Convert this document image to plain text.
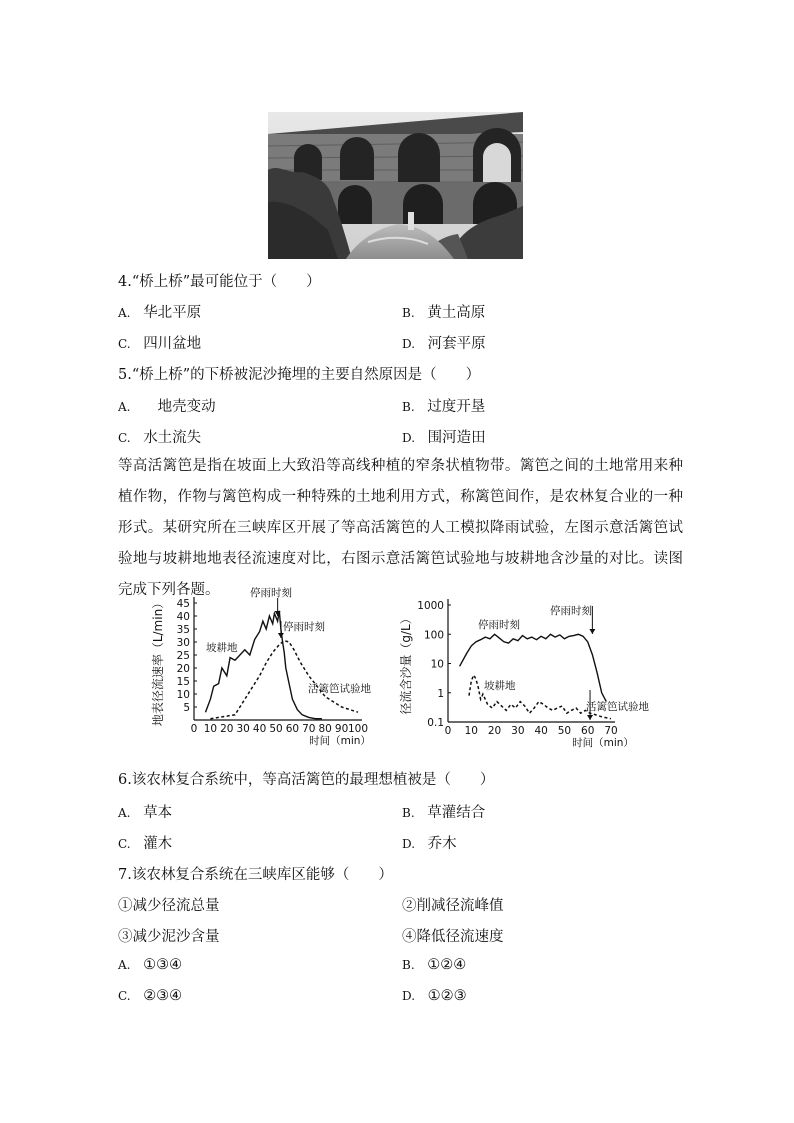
4.“桥上桥”最可能位于（　　）
A. 华北平原	B. 黄土高原
C. 四川盆地	D. 河套平原
5.“桥上桥”的下桥被泥沙掩埋的主要自然原因是（　　）
A. 　地壳变动	B. 过度开垦
C. 水土流失	D. 围河造田
等高活篱笆是指在坡面上大致沿等高线种植的窄条状植物带。篱笆之间的土地常用来种植作物，作物与篱笆构成一种特殊的土地利用方式，称篱笆间作，是农林复合业的一种形式。某研究所在三峡库区开展了等高活篱笆的人工模拟降雨试验，左图示意活篱笆试验地与坡耕地地表径流速度对比，右图示意活篱笆试验地与坡耕地含沙量的对比。读图完成下列各题。
0 10 20 30 40 50 60 70 80 90 100
5
10
15
20
25
30
35
40
45
时间（min）
地表径流速率（L/min）
停雨时刻
停雨时刻
坡耕地
活篱笆试验地
0 10 20 30 40 50 60 70
0.1
1
10
100
1000
时间（min）
径流含沙量（g/L）	停雨时刻
停雨时刻
坡耕地
活篱笆试验地
6.该农林复合系统中，等高活篱笆的最理想植被是（　　）
A. 草本	B. 草灌结合
C. 灌木	D. 乔木
7.该农林复合系统在三峡库区能够（　　）
①减少径流总量	②削减径流峰值
③减少泥沙含量	④降低径流速度
A. ①③④	B. ①②④
C. ②③④	D. ①②③
